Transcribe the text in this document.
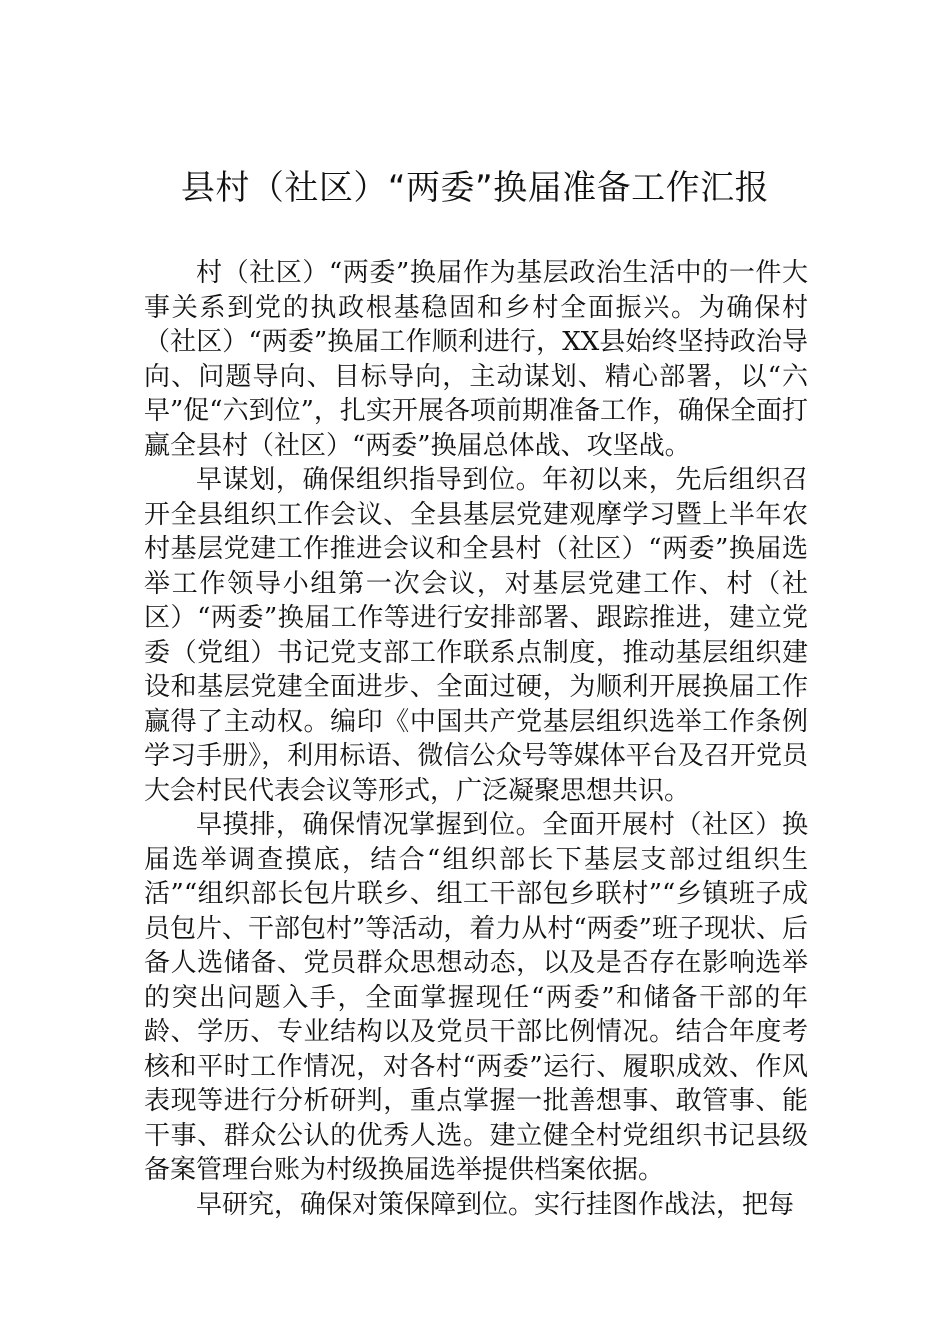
县村（社区）“两委”换届准备工作汇报

村（社区）“两委”换届作为基层政治生活中的一件大事关系到党的执政根基稳固和乡村全面振兴。为确保村（社区）“两委”换届工作顺利进行，XX县始终坚持政治导向、问题导向、目标导向，主动谋划、精心部署，以“六早”促“六到位”，扎实开展各项前期准备工作，确保全面打赢全县村（社区）“两委”换届总体战、攻坚战。

早谋划，确保组织指导到位。年初以来，先后组织召开全县组织工作会议、全县基层党建观摩学习暨上半年农村基层党建工作推进会议和全县村（社区）“两委”换届选举工作领导小组第一次会议，对基层党建工作、村（社区）“两委”换届工作等进行安排部署、跟踪推进，建立党委（党组）书记党支部工作联系点制度，推动基层组织建设和基层党建全面进步、全面过硬，为顺利开展换届工作赢得了主动权。编印《中国共产党基层组织选举工作条例学习手册》，利用标语、微信公众号等媒体平台及召开党员大会村民代表会议等形式，广泛凝聚思想共识。

早摸排，确保情况掌握到位。全面开展村（社区）换届选举调查摸底，结合“组织部长下基层支部过组织生活”“组织部长包片联乡、组工干部包乡联村”“乡镇班子成员包片、干部包村”等活动，着力从村“两委”班子现状、后备人选储备、党员群众思想动态，以及是否存在影响选举的突出问题入手，全面掌握现任“两委”和储备干部的年龄、学历、专业结构以及党员干部比例情况。结合年度考核和平时工作情况，对各村“两委”运行、履职成效、作风表现等进行分析研判，重点掌握一批善想事、敢管事、能干事、群众公认的优秀人选。建立健全村党组织书记县级备案管理台账为村级换届选举提供档案依据。

早研究，确保对策保障到位。实行挂图作战法，把每
